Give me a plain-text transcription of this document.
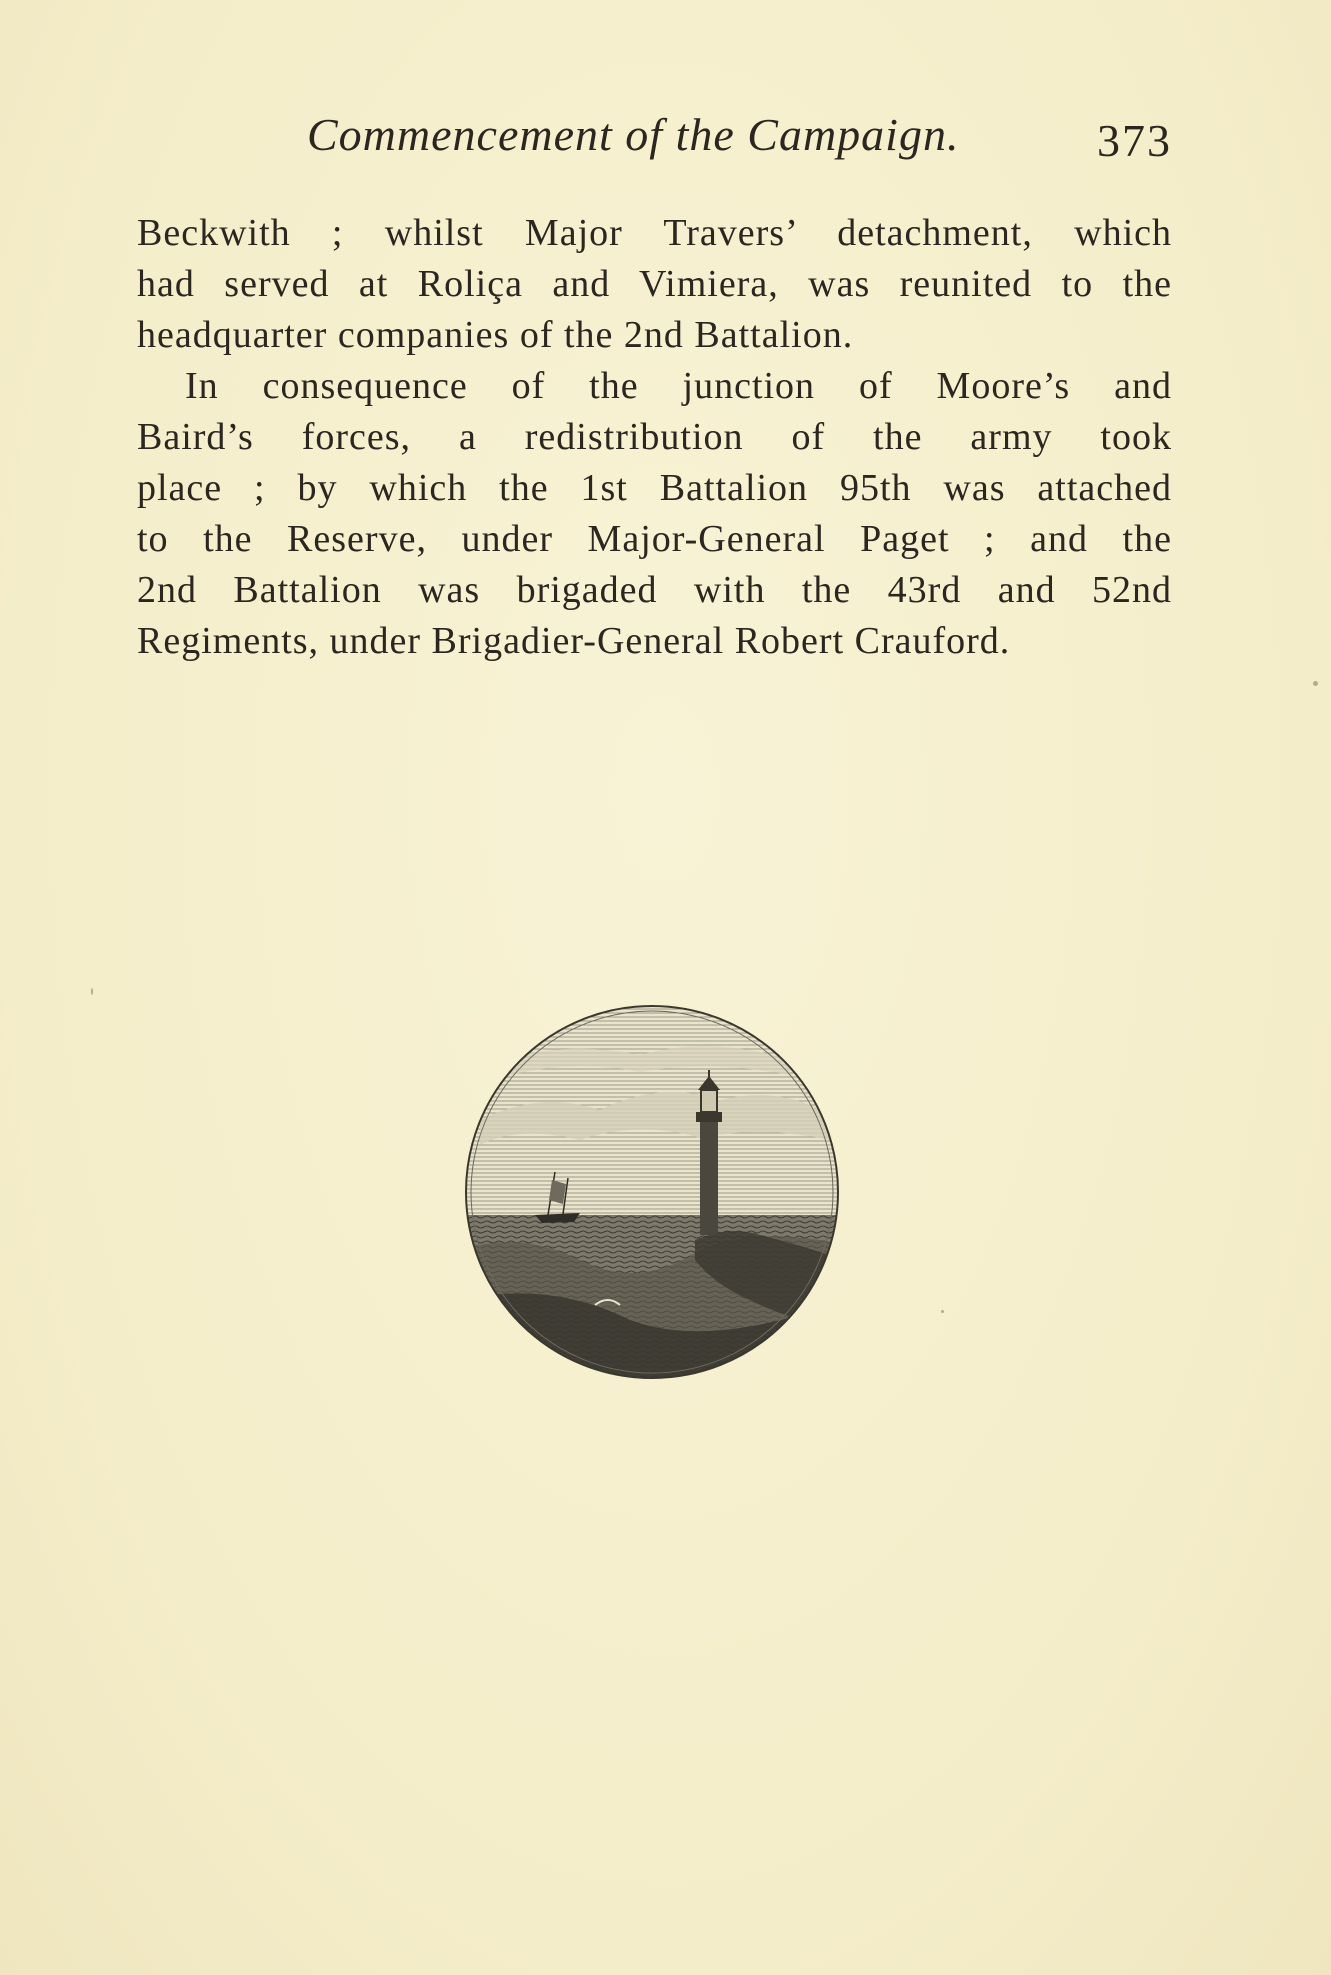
Commencement of the Campaign.	373
Beckwith ; whilst Major Travers’ detachment, which
had served at Roliça and Vimiera, was reunited to the
headquarter companies of the 2nd Battalion.
In consequence of the junction of Moore’s and
Baird’s forces, a redistribution of the army took
place ; by which the 1st Battalion 95th was attached
to the Reserve, under Major-General Paget ; and the
2nd Battalion was brigaded with the 43rd and 52nd
Regiments, under Brigadier-General Robert Crauford.
